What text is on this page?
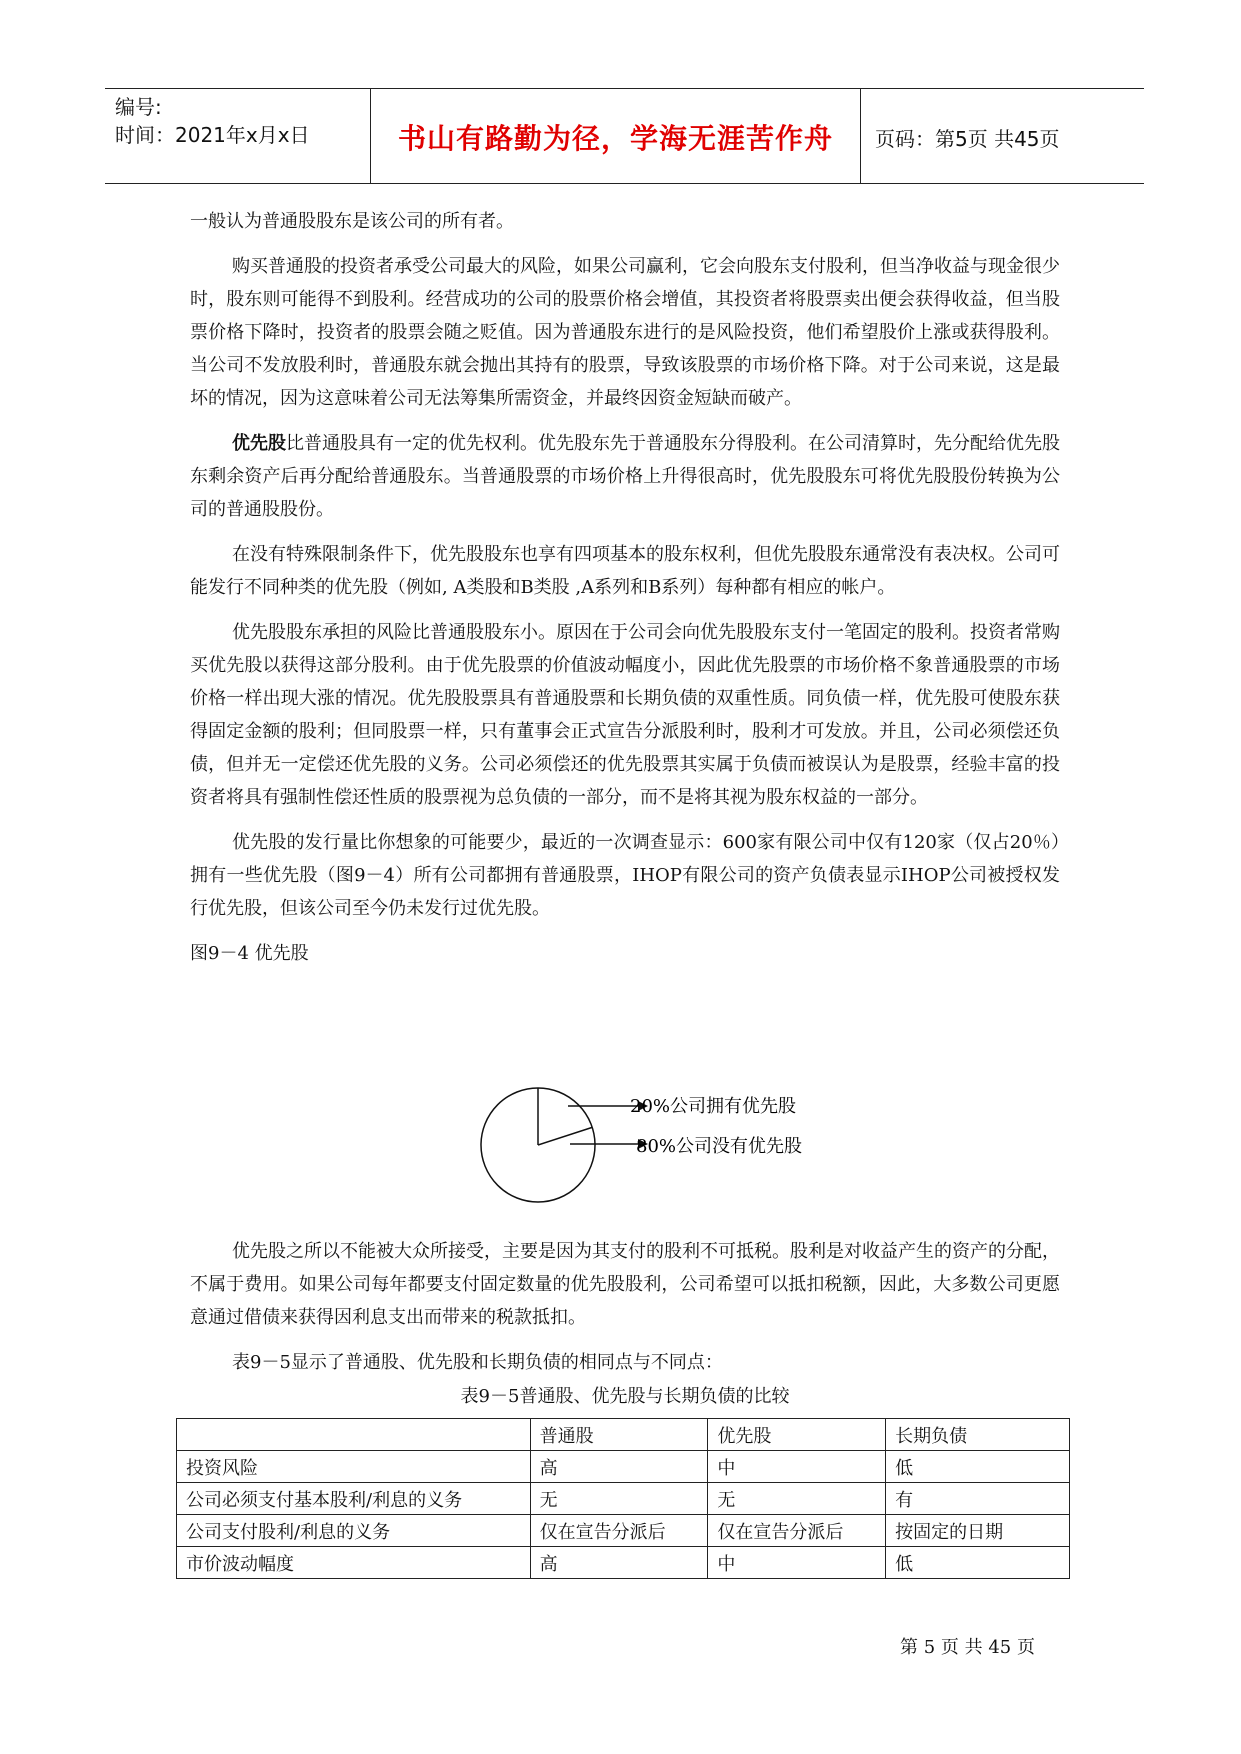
编号:
时间：2021年x月x日	书山有路勤为径，学海无涯苦作舟	页码：第5页 共45页

一般认为普通股股东是该公司的所有者。

购买普通股的投资者承受公司最大的风险，如果公司赢利，它会向股东支付股利，但当净收益与现金很少时，股东则可能得不到股利。经营成功的公司的股票价格会增值，其投资者将股票卖出便会获得收益，但当股票价格下降时，投资者的股票会随之贬值。因为普通股东进行的是风险投资，他们希望股价上涨或获得股利。当公司不发放股利时，普通股东就会抛出其持有的股票，导致该股票的市场价格下降。对于公司来说，这是最坏的情况，因为这意味着公司无法筹集所需资金，并最终因资金短缺而破产。

优先股比普通股具有一定的优先权利。优先股东先于普通股东分得股利。在公司清算时，先分配给优先股东剩余资产后再分配给普通股东。当普通股票的市场价格上升得很高时，优先股股东可将优先股股份转换为公司的普通股股份。

在没有特殊限制条件下，优先股股东也享有四项基本的股东权利，但优先股股东通常没有表决权。公司可能发行不同种类的优先股（例如, A类股和B类股 ,A系列和B系列）每种都有相应的帐户。

优先股股东承担的风险比普通股股东小。原因在于公司会向优先股股东支付一笔固定的股利。投资者常购买优先股以获得这部分股利。由于优先股票的价值波动幅度小，因此优先股票的市场价格不象普通股票的市场价格一样出现大涨的情况。优先股股票具有普通股票和长期负债的双重性质。同负债一样，优先股可使股东获得固定金额的股利；但同股票一样，只有董事会正式宣告分派股利时，股利才可发放。并且，公司必须偿还负债，但并无一定偿还优先股的义务。公司必须偿还的优先股票其实属于负债而被误认为是股票，经验丰富的投资者将具有强制性偿还性质的股票视为总负债的一部分，而不是将其视为股东权益的一部分。

优先股的发行量比你想象的可能要少，最近的一次调查显示：600家有限公司中仅有120家（仅占20％）拥有一些优先股（图9－4）所有公司都拥有普通股票，IHOP有限公司的资产负债表显示IHOP公司被授权发行优先股，但该公司至今仍未发行过优先股。

图9－4 优先股

20%公司拥有优先股
80%公司没有优先股

优先股之所以不能被大众所接受，主要是因为其支付的股利不可抵税。股利是对收益产生的资产的分配，不属于费用。如果公司每年都要支付固定数量的优先股股利，公司希望可以抵扣税额，因此，大多数公司更愿意通过借债来获得因利息支出而带来的税款抵扣。

表9－5显示了普通股、优先股和长期负债的相同点与不同点：

表9－5普通股、优先股与长期负债的比较
	普通股	优先股	长期负债
投资风险	高	中	低
公司必须支付基本股利/利息的义务	无	无	有
公司支付股利/利息的义务	仅在宣告分派后	仅在宣告分派后	按固定的日期
市价波动幅度	高	中	低
第 5 页 共 45 页
